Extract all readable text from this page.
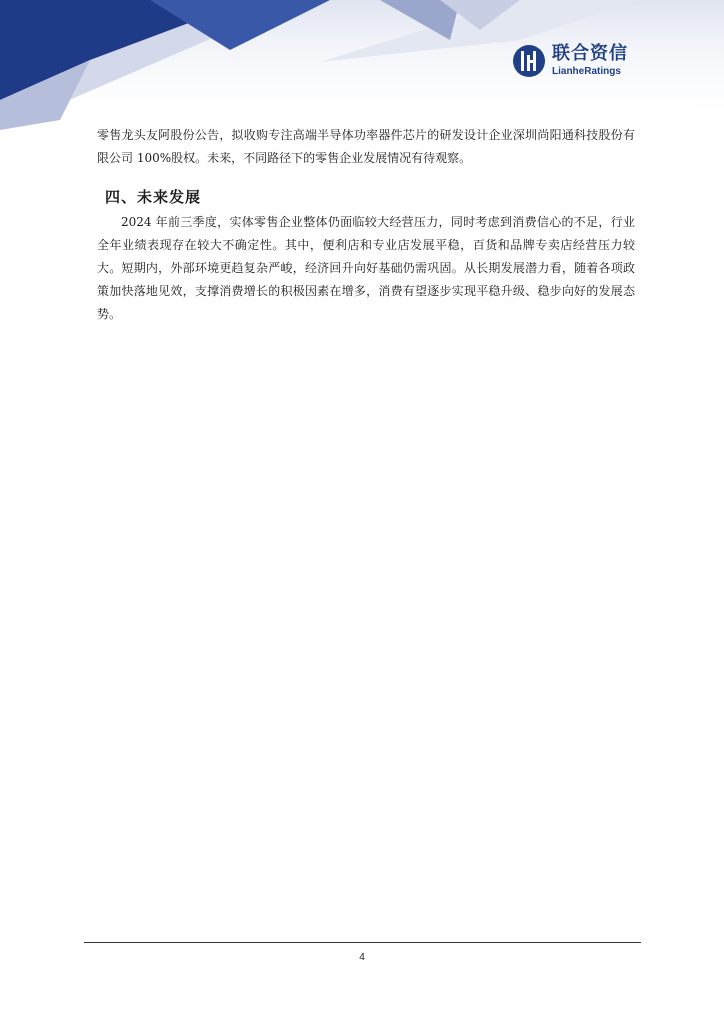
联合资信
LianheRatings

零售龙头友阿股份公告，拟收购专注高端半导体功率器件芯片的研发设计企业深圳尚阳通科技股份有限公司 100%股权。未来，不同路径下的零售企业发展情况有待观察。

四、未来发展

2024 年前三季度，实体零售企业整体仍面临较大经营压力，同时考虑到消费信心的不足，行业全年业绩表现存在较大不确定性。其中，便利店和专业店发展平稳，百货和品牌专卖店经营压力较大。短期内，外部环境更趋复杂严峻，经济回升向好基础仍需巩固。从长期发展潜力看，随着各项政策加快落地见效，支撑消费增长的积极因素在增多，消费有望逐步实现平稳升级、稳步向好的发展态势。

4
